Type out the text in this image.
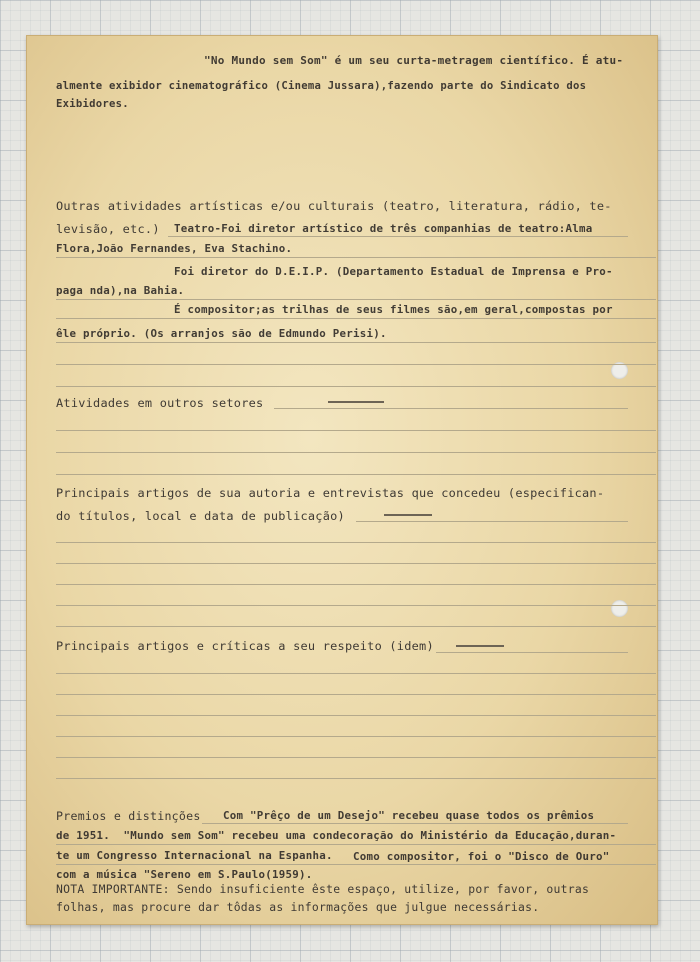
"No Mundo sem Som" é um seu curta-metragem científico. É atu-
almente exibidor cinematográfico (Cinema Jussara),fazendo parte do Sindicato dos
Exibidores.
Outras atividades artísticas e/ou culturais (teatro, literatura, rádio, te-
levisão, etc.) Teatro-Foi diretor artístico de três companhias de teatro:Alma
Flora,João Fernandes, Eva Stachino.
Foi diretor do D.E.I.P. (Departamento Estadual de Imprensa e Pro-
paga nda),na Bahia.
É compositor;as trilhas de seus filmes são,em geral,compostas por
êle próprio. (Os arranjos são de Edmundo Perisi).
Atividades em outros setores
Principais artigos de sua autoria e entrevistas que concedeu (especifican-
do títulos, local e data de publicação)
Principais artigos e críticas a seu respeito (idem)
Premios e distinções Com "Prêço de um Desejo" recebeu quase todos os prêmios
de 1951.  "Mundo sem Som" recebeu uma condecoração do Ministério da Educação,duran-
te um Congresso Internacional na Espanha. Como compositor, foi o "Disco de Ouro"
com a música "Sereno em S.Paulo(1959).
NOTA IMPORTANTE: Sendo insuficiente êste espaço, utilize, por favor, outras
folhas, mas procure dar tôdas as informações que julgue necessárias.
